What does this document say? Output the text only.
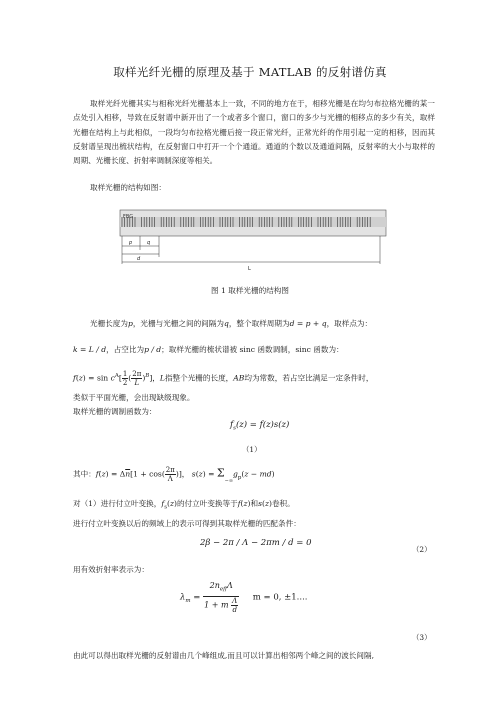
取样光纤光栅的原理及基于 MATLAB 的反射谱仿真

取样光纤光栅其实与相称光纤光栅基本上一致，不同的地方在于，相移光栅是在均匀布拉格光栅的某一点处引入相移，导致在反射谱中新开出了一个或者多个窗口，窗口的多少与光栅的相移点的多少有关，取样光栅在结构上与此相似，一段均匀布拉格光栅后接一段正常光纤，正常光纤的作用引起一定的相移，因而其反射谱呈现出梳状结构，在反射窗口中打开一个个通道。通道的个数以及通道间隔，反射率的大小与取样的周期、光栅长度、折射率调制深度等相关。

取样光栅的结构如图：

FBG
p	q
d
L
图 1 取样光栅的结构图
光栅长度为p，光栅与光栅之间的间隔为q，整个取样周期为d = p + q，取样点为：
k = L / d，占空比为p / d；取样光栅的梳状谱被 sinc 函数调制，sinc 函数为：
$f(z) = \sin c^A[ \frac{1}{2}$ ( $\frac{2\pi}{L} )^B$]，L指整个光栅的长度，AB均为常数，若占空比满足一定条件时，
类似于平面光栅，会出现缺级现象。
取样光栅的调制函数为：
$f_s(z) = f(z)s(z)$
（1）
其中：$f(z) = \Delta\overline{n}[1 + \cos( \frac{2\pi}{\Lambda}$ )]， $s(z) = \Sigma_{-\infty}g_p(z - md)$
对（1）进行付立叶变换，$f_s(z)$的付立叶变换等于f(z)和s(z)卷积。
进行付立叶变换以后的频域上的表示可得到其取样光栅的匹配条件：
2β − 2π / Λ − 2πm / d = 0
（2）
用有效折射率表示为：
$\lambda_m = \frac{2n_{eff}\Lambda}{1 + m \frac{\Lambda}{d}}$ m = 0, ±1....
（3）
由此可以得出取样光栅的反射谱由几个峰组成,而且可以计算出相邻两个峰之间的波长间隔,
